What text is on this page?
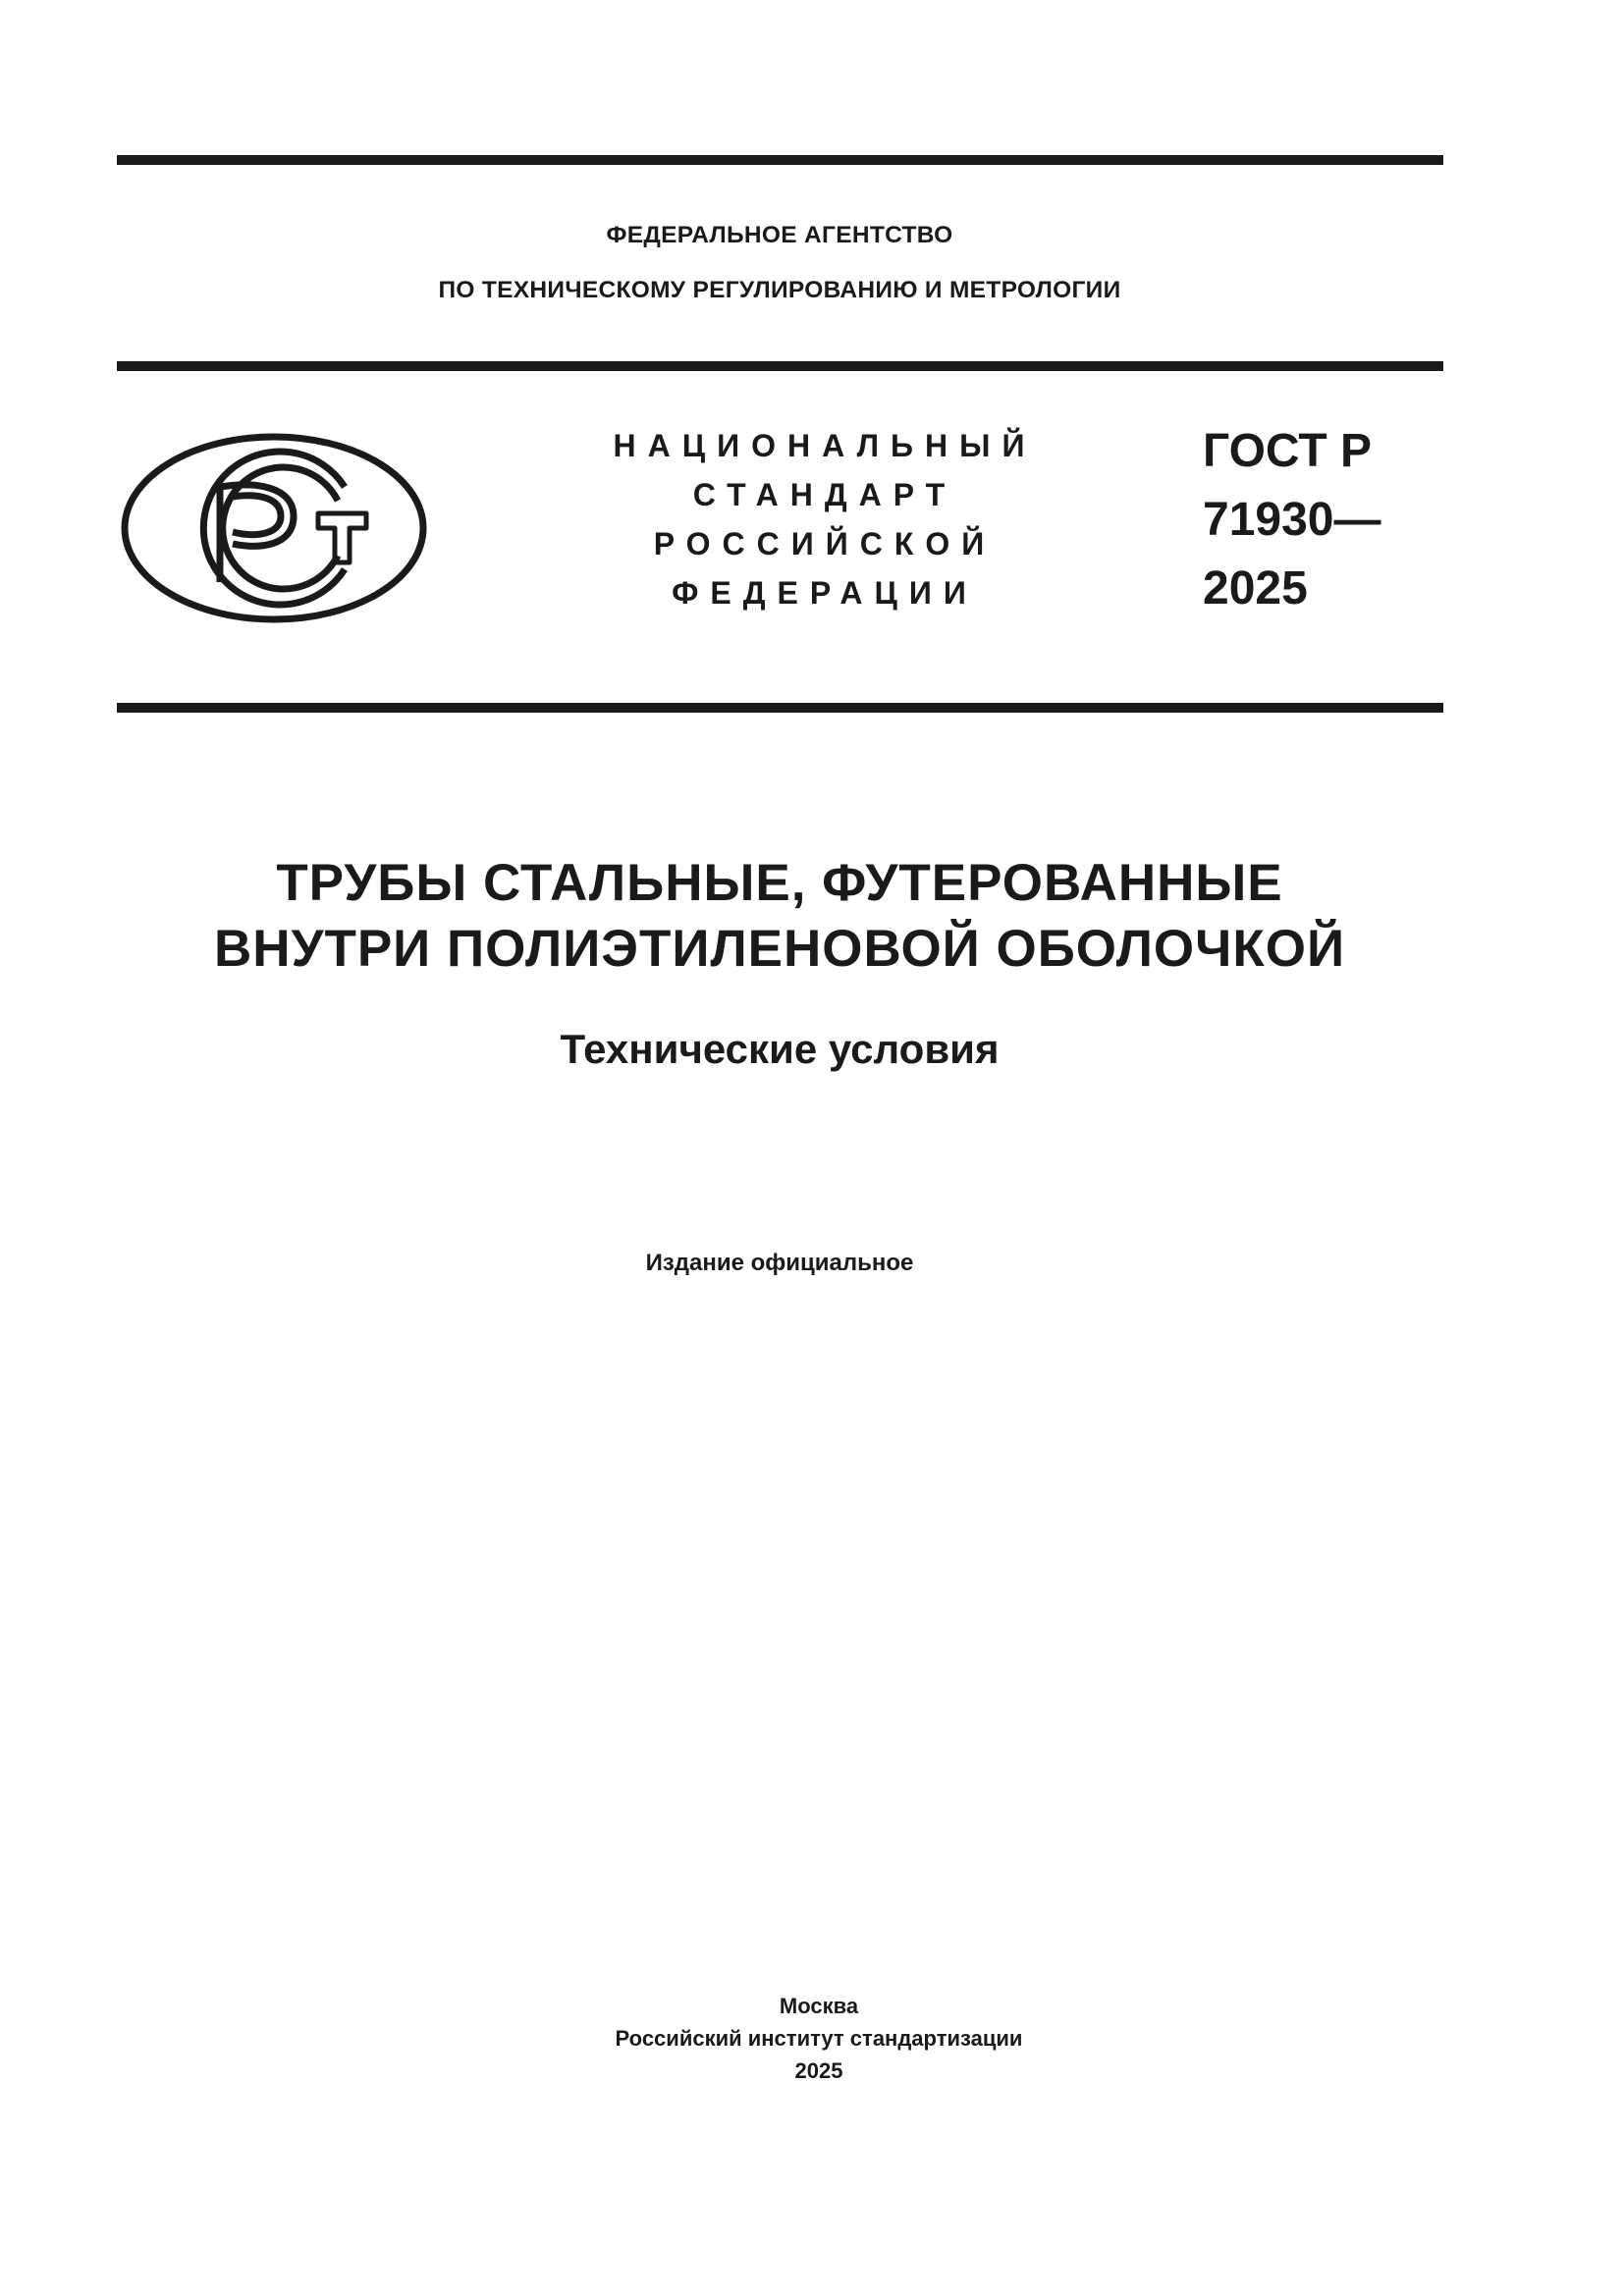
ФЕДЕРАЛЬНОЕ АГЕНТСТВО
ПО ТЕХНИЧЕСКОМУ РЕГУЛИРОВАНИЮ И МЕТРОЛОГИИ
НАЦИОНАЛЬНЫЙ
СТАНДАРТ
РОССИЙСКОЙ
ФЕДЕРАЦИИ
ГОСТ Р
71930—
2025
ТРУБЫ СТАЛЬНЫЕ, ФУТЕРОВАННЫЕ
ВНУТРИ ПОЛИЭТИЛЕНОВОЙ ОБОЛОЧКОЙ
Технические условия
Издание официальное
Москва
Российский институт стандартизации
2025
